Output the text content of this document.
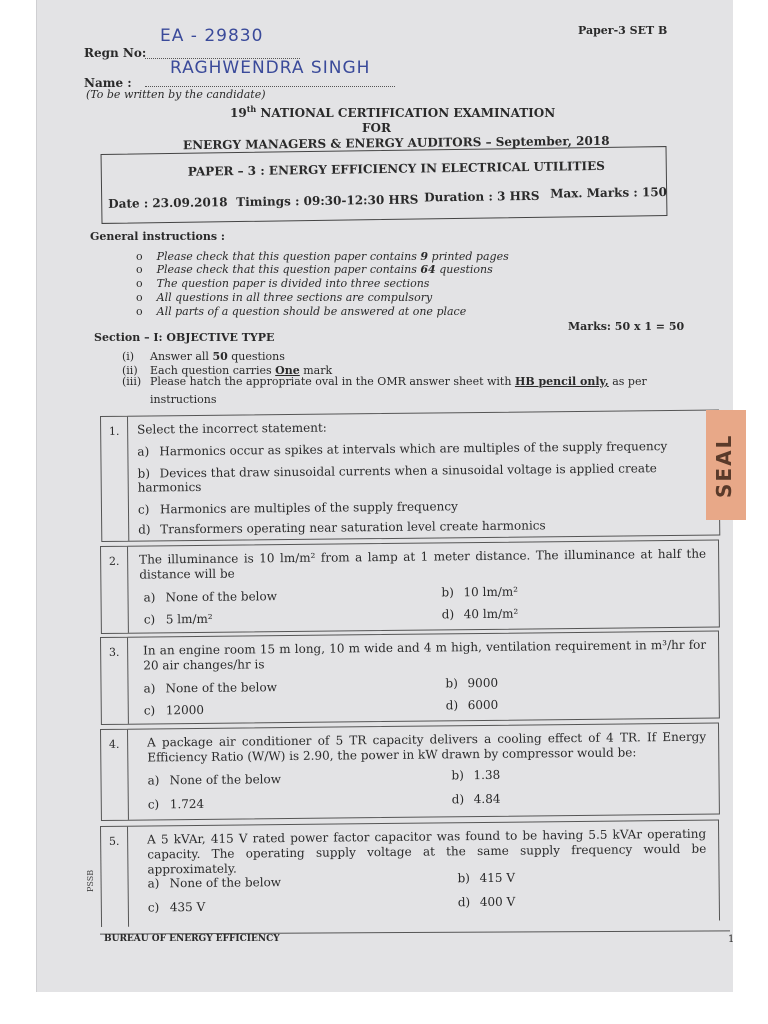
Paper-3 SET B
Regn No:
EA - 29830
Name :
RAGHWENDRA SINGH
(To be written by the candidate)
19th NATIONAL CERTIFICATION EXAMINATION
FOR
ENERGY MANAGERS & ENERGY AUDITORS – September, 2018
PAPER – 3 : ENERGY EFFICIENCY IN ELECTRICAL UTILITIES
Date : 23.09.2018 Timings : 09:30-12:30 HRS Duration : 3 HRS Max. Marks : 150
General instructions :
o Please check that this question paper contains 9 printed pages
o Please check that this question paper contains 64 questions
o The question paper is divided into three sections
o All questions in all three sections are compulsory
o All parts of a question should be answered at one place
Section – I: OBJECTIVE TYPE
Marks: 50 x 1 = 50
(i) Answer all 50 questions
(ii) Each question carries One mark
(iii) Please hatch the appropriate oval in the OMR answer sheet with HB pencil only, as per
instructions
1.	Select the incorrect statement:
a) Harmonics occur as spikes at intervals which are multiples of the supply frequency
b) Devices that draw sinusoidal currents when a sinusoidal voltage is applied create harmonics
c) Harmonics are multiples of the supply frequency
d) Transformers operating near saturation level create harmonics
2.	The illuminance is 10 lm/m² from a lamp at 1 meter distance. The illuminance at half the distance will be
a) None of the below	b) 10 lm/m²
c) 5 lm/m²	d) 40 lm/m²
3.	In an engine room 15 m long, 10 m wide and 4 m high, ventilation requirement in m³/hr for 20 air changes/hr is
a) None of the below	b) 9000
c) 12000	d) 6000
4.	A package air conditioner of 5 TR capacity delivers a cooling effect of 4 TR. If Energy Efficiency Ratio (W/W) is 2.90, the power in kW drawn by compressor would be:
a) None of the below	b) 1.38
c) 1.724	d) 4.84
5.	A 5 kVAr, 415 V rated power factor capacitor was found to be having 5.5 kVAr operating capacity. The operating supply voltage at the same supply frequency would be approximately.
a) None of the below	b) 415 V
c) 435 V	d) 400 V
PSSB
SEAL
BUREAU OF ENERGY EFFICIENCY	1
